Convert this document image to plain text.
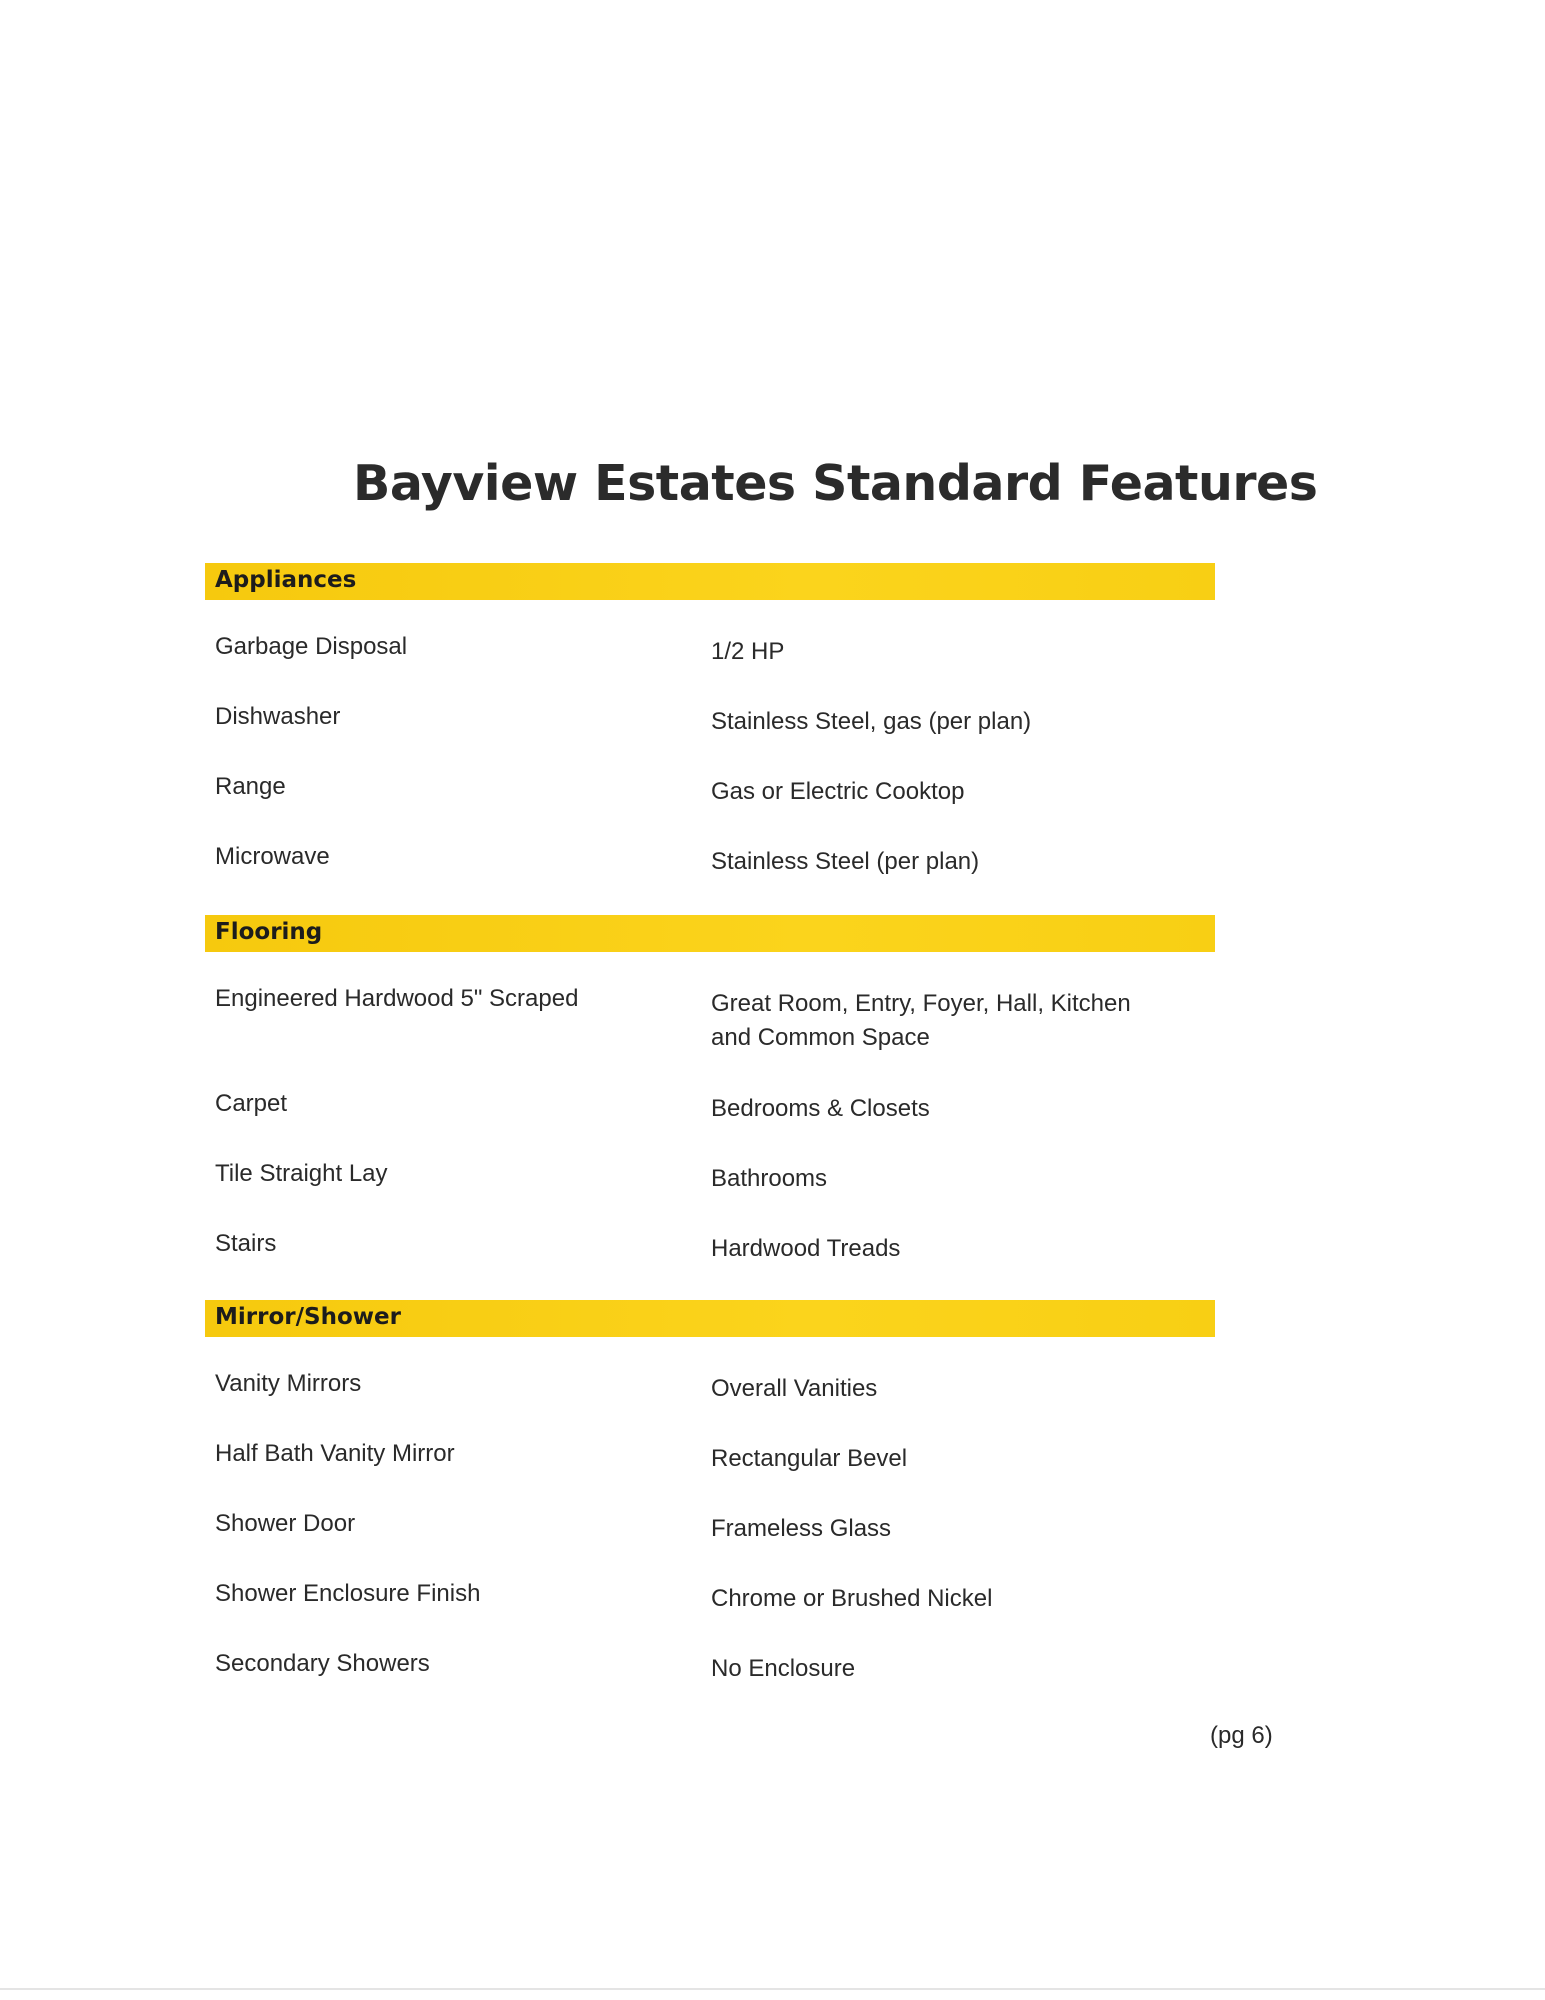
Bayview Estates Standard Features
Appliances
Garbage Disposal	1/2 HP
Dishwasher	Stainless Steel, gas (per plan)
Range	Gas or Electric Cooktop
Microwave	Stainless Steel (per plan)
Flooring
Engineered Hardwood 5" Scraped	Great Room, Entry, Foyer, Hall, Kitchen and Common Space
Carpet	Bedrooms & Closets
Tile Straight Lay	Bathrooms
Stairs	Hardwood Treads
Mirror/Shower
Vanity Mirrors	Overall Vanities
Half Bath Vanity Mirror	Rectangular Bevel
Shower Door	Frameless Glass
Shower Enclosure Finish	Chrome or Brushed Nickel
Secondary Showers	No Enclosure
(pg 6)
